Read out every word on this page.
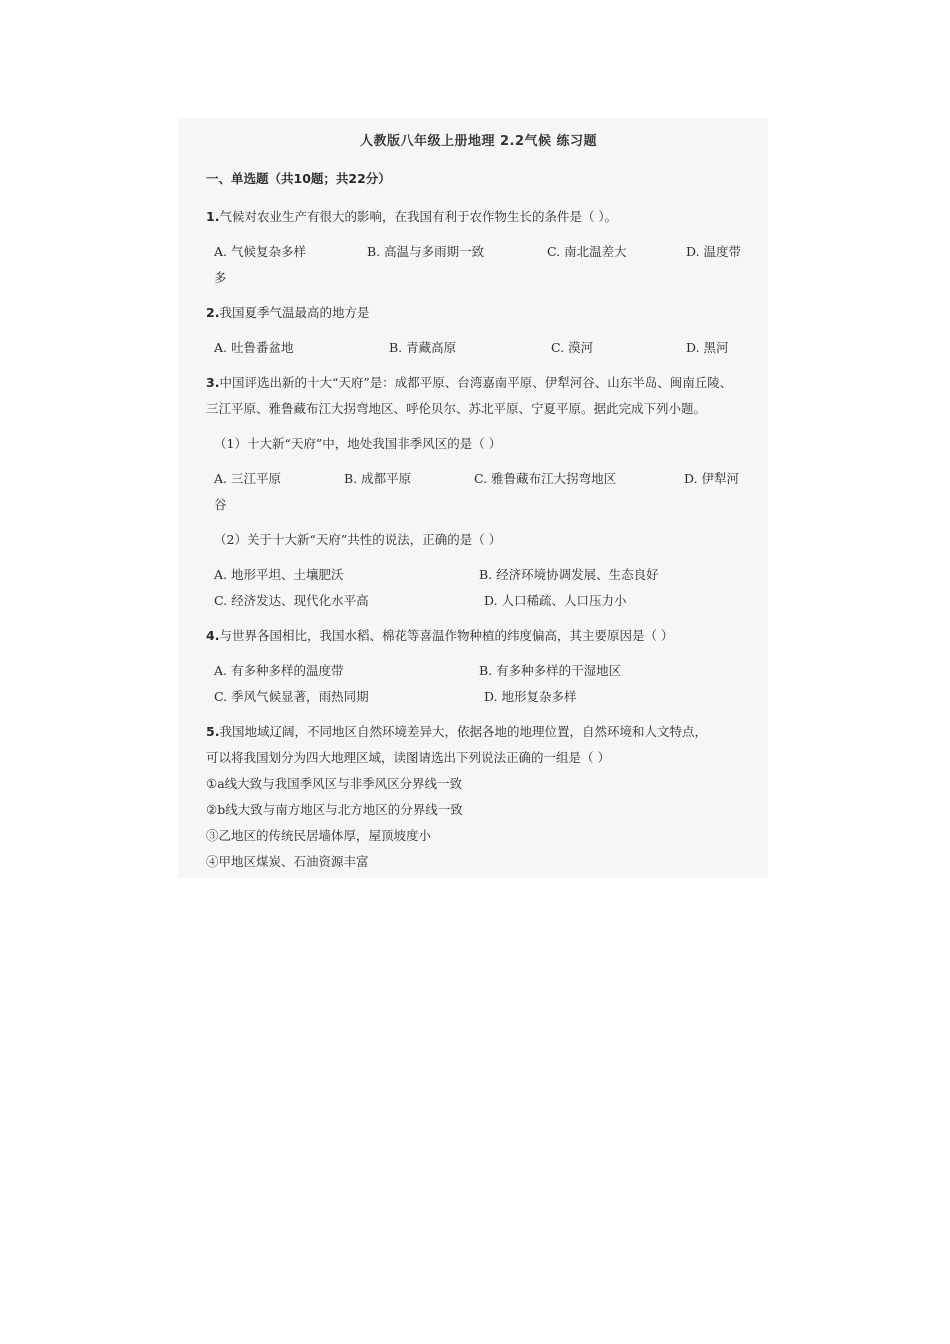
人教版八年级上册地理 2.2气候 练习题

一、单选题（共10题；共22分）

1.气候对农业生产有很大的影响，在我国有利于农作物生长的条件是（ ）。

A. 气候复杂多样	B. 高温与多雨期一致	C. 南北温差大	D. 温度带
多

2.我国夏季气温最高的地方是

A. 吐鲁番盆地	B. 青藏高原	C. 漠河	D. 黑河

3.中国评选出新的十大“天府”是：成都平原、台湾嘉南平原、伊犁河谷、山东半岛、闽南丘陵、

三江平原、雅鲁藏布江大拐弯地区、呼伦贝尔、苏北平原、宁夏平原。据此完成下列小题。

（1）十大新“天府”中，地处我国非季风区的是（ ）
A. 三江平原	B. 成都平原	C. 雅鲁藏布江大拐弯地区	D. 伊犁河
谷
（2）关于十大新“天府”共性的说法，正确的是（ ）
A. 地形平坦、土壤肥沃	B. 经济环境协调发展、生态良好
C. 经济发达、现代化水平高	D. 人口稀疏、人口压力小

4.与世界各国相比，我国水稻、棉花等喜温作物种植的纬度偏高，其主要原因是（ ）

A. 有多种多样的温度带	B. 有多种多样的干湿地区
C. 季风气候显著，雨热同期	D. 地形复杂多样

5.我国地域辽阔，不同地区自然环境差异大，依据各地的地理位置，自然环境和人文特点，

可以将我国划分为四大地理区域，读图请选出下列说法正确的一组是（ ）

①a线大致与我国季风区与非季风区分界线一致
②b线大致与南方地区与北方地区的分界线一致
③乙地区的传统民居墙体厚，屋顶坡度小
④甲地区煤炭、石油资源丰富
